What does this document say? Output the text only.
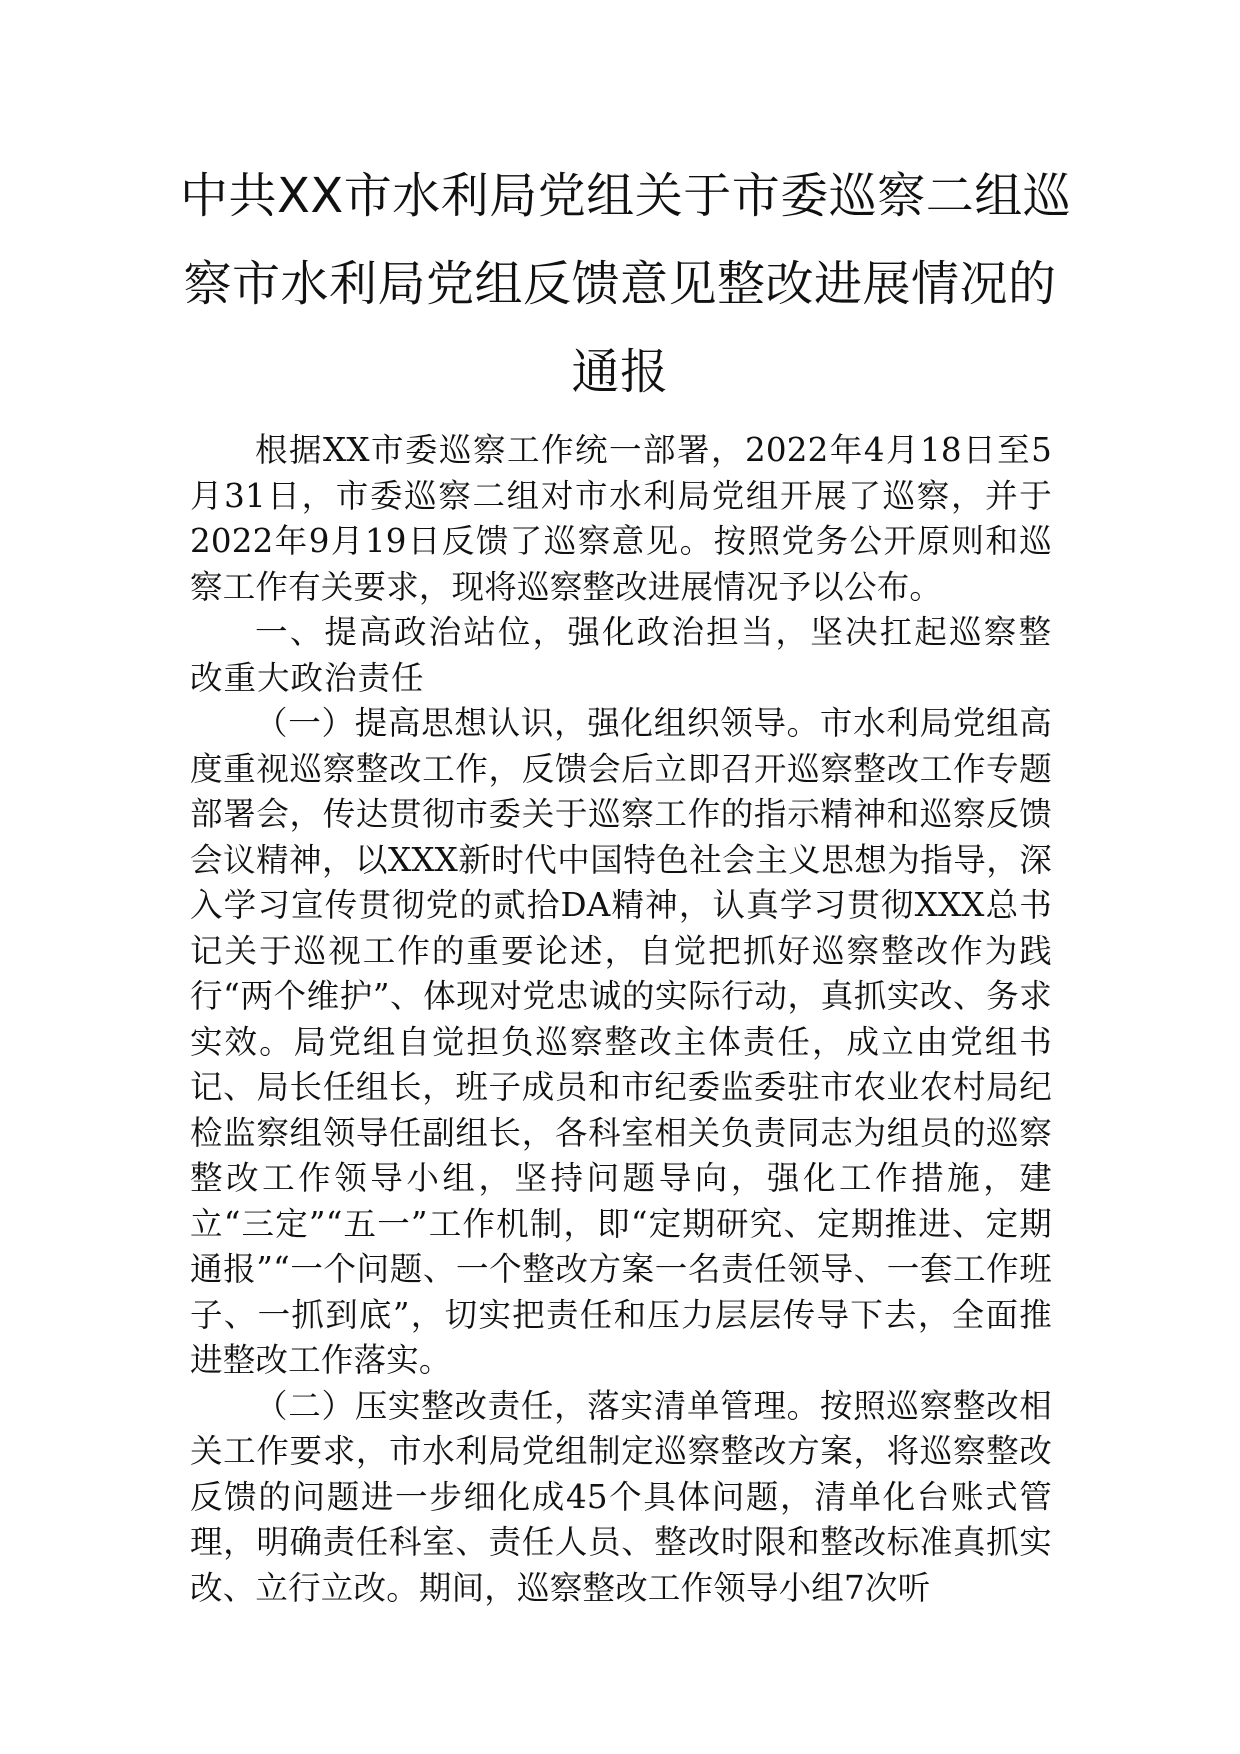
中共XX市水利局党组关于市委巡察二组巡
察市水利局党组反馈意见整改进展情况的
通报

根据XX市委巡察工作统一部署，2022年4月18日至5月31日，市委巡察二组对市水利局党组开展了巡察，并于2022年9月19日反馈了巡察意见。按照党务公开原则和巡察工作有关要求，现将巡察整改进展情况予以公布。

一、提高政治站位，强化政治担当，坚决扛起巡察整改重大政治责任

（一）提高思想认识，强化组织领导。市水利局党组高度重视巡察整改工作，反馈会后立即召开巡察整改工作专题部署会，传达贯彻市委关于巡察工作的指示精神和巡察反馈会议精神，以XXX新时代中国特色社会主义思想为指导，深入学习宣传贯彻党的贰拾DA精神，认真学习贯彻XXX总书记关于巡视工作的重要论述，自觉把抓好巡察整改作为践行“两个维护”、体现对党忠诚的实际行动，真抓实改、务求实效。局党组自觉担负巡察整改主体责任，成立由党组书记、局长任组长，班子成员和市纪委监委驻市农业农村局纪检监察组领导任副组长，各科室相关负责同志为组员的巡察整改工作领导小组，坚持问题导向，强化工作措施，建立“三定”“五一”工作机制，即“定期研究、定期推进、定期通报”“一个问题、一个整改方案一名责任领导、一套工作班子、一抓到底”，切实把责任和压力层层传导下去，全面推进整改工作落实。

（二）压实整改责任，落实清单管理。按照巡察整改相关工作要求，市水利局党组制定巡察整改方案，将巡察整改反馈的问题进一步细化成45个具体问题，清单化台账式管理，明确责任科室、责任人员、整改时限和整改标准真抓实改、立行立改。期间，巡察整改工作领导小组7次听
